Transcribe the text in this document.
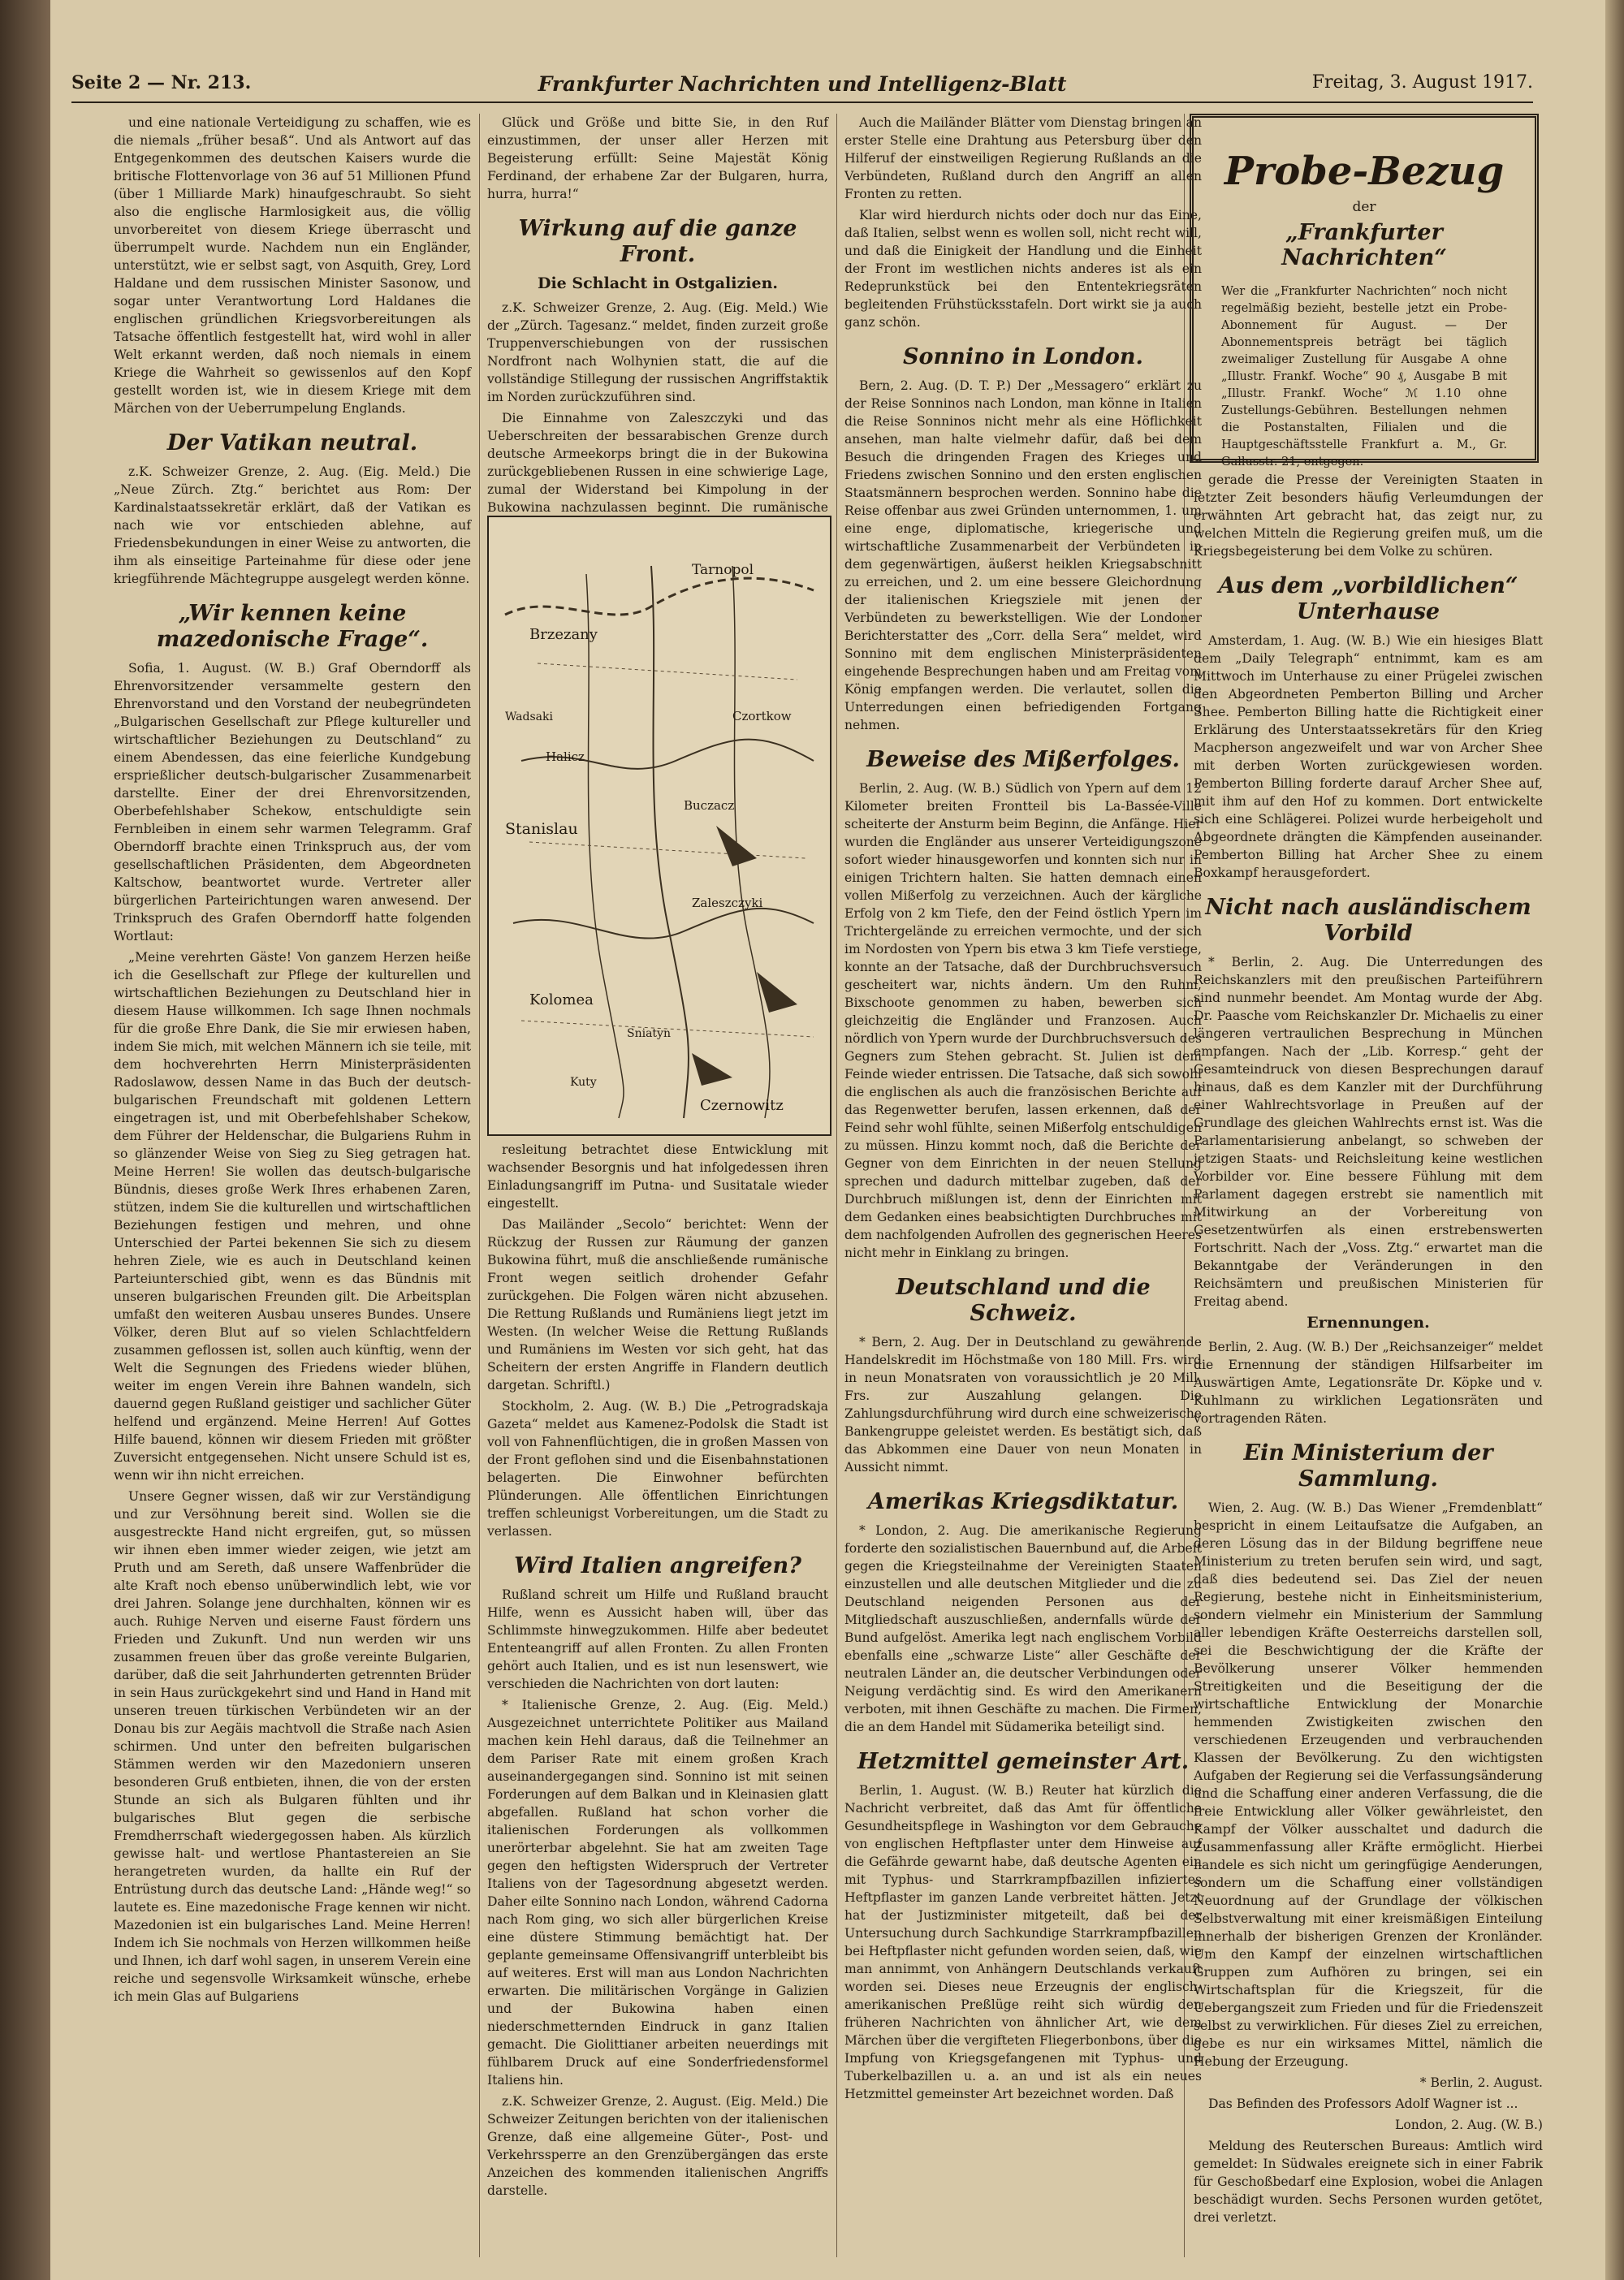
Seite 2 — Nr. 213.	Frankfurter Nachrichten und Intelligenz-Blatt	Freitag, 3. August 1917.

und eine nationale Verteidigung zu schaffen, wie es die niemals „früher besaß“. Und als Antwort auf das Entgegenkommen des deutschen Kaisers wurde die britische Flottenvorlage von 36 auf 51 Millionen Pfund (über 1 Milliarde Mark) hinaufgeschraubt. So sieht also die englische Harmlosigkeit aus, die völlig unvorbereitet von diesem Kriege überrascht und überrumpelt wurde. Nachdem nun ein Engländer, unterstützt, wie er selbst sagt, von Asquith, Grey, Lord Haldane und dem russischen Minister Sasonow, und sogar unter Verantwortung Lord Haldanes die englischen gründlichen Kriegsvorbereitungen als Tatsache öffentlich festgestellt hat, wird wohl in aller Welt erkannt werden, daß noch niemals in einem Kriege die Wahrheit so gewissenlos auf den Kopf gestellt worden ist, wie in diesem Kriege mit dem Märchen von der Ueberrumpelung Englands.

Der Vatikan neutral.

z.K. Schweizer Grenze, 2. Aug. (Eig. Meld.) Die „Neue Zürch. Ztg.“ berichtet aus Rom: Der Kardinalstaatssekretär erklärt, daß der Vatikan es nach wie vor entschieden ablehne, auf Friedensbekundungen in einer Weise zu antworten, die ihm als einseitige Parteinahme für diese oder jene kriegführende Mächtegruppe ausgelegt werden könne.

„Wir kennen keine mazedonische Frage“.

Sofia, 1. August. (W. B.) Graf Oberndorff als Ehrenvorsitzender versammelte gestern den Ehrenvorstand und den Vorstand der neubegründeten „Bulgarischen Gesellschaft zur Pflege kultureller und wirtschaftlicher Beziehungen zu Deutschland“ zu einem Abendessen, das eine feierliche Kundgebung ersprießlicher deutsch-bulgarischer Zusammenarbeit darstellte. Einer der drei Ehrenvorsitzenden, Oberbefehlshaber Schekow, entschuldigte sein Fernbleiben in einem sehr warmen Telegramm. Graf Oberndorff brachte einen Trinkspruch aus, der vom gesellschaftlichen Präsidenten, dem Abgeordneten Kaltschow, beantwortet wurde. Vertreter aller bürgerlichen Parteirichtungen waren anwesend. Der Trinkspruch des Grafen Oberndorff hatte folgenden Wortlaut:

„Meine verehrten Gäste! Von ganzem Herzen heiße ich die Gesellschaft zur Pflege der kulturellen und wirtschaftlichen Beziehungen zu Deutschland hier in diesem Hause willkommen. Ich sage Ihnen nochmals für die große Ehre Dank, die Sie mir erwiesen haben, indem Sie mich, mit welchen Männern ich sie teile, mit dem hochverehrten Herrn Ministerpräsidenten Radoslawow, dessen Name in das Buch der deutsch-bulgarischen Freundschaft mit goldenen Lettern eingetragen ist, und mit Oberbefehlshaber Schekow, dem Führer der Heldenschar, die Bulgariens Ruhm in so glänzender Weise von Sieg zu Sieg getragen hat. Meine Herren! Sie wollen das deutsch-bulgarische Bündnis, dieses große Werk Ihres erhabenen Zaren, stützen, indem Sie die kulturellen und wirtschaftlichen Beziehungen festigen und mehren, und ohne Unterschied der Partei bekennen Sie sich zu diesem hehren Ziele, wie es auch in Deutschland keinen Parteiunterschied gibt, wenn es das Bündnis mit unseren bulgarischen Freunden gilt. Die Arbeitsplan umfaßt den weiteren Ausbau unseres Bundes. Unsere Völker, deren Blut auf so vielen Schlachtfeldern zusammen geflossen ist, sollen auch künftig, wenn der Welt die Segnungen des Friedens wieder blühen, weiter im engen Verein ihre Bahnen wandeln, sich dauernd gegen Rußland geistiger und sachlicher Güter helfend und ergänzend. Meine Herren! Auf Gottes Hilfe bauend, können wir diesem Frieden mit größter Zuversicht entgegensehen. Nicht unsere Schuld ist es, wenn wir ihn nicht erreichen.

Unsere Gegner wissen, daß wir zur Verständigung und zur Versöhnung bereit sind. Wollen sie die ausgestreckte Hand nicht ergreifen, gut, so müssen wir ihnen eben immer wieder zeigen, wie jetzt am Pruth und am Sereth, daß unsere Waffenbrüder die alte Kraft noch ebenso unüberwindlich lebt, wie vor drei Jahren. Solange jene durchhalten, können wir es auch. Ruhige Nerven und eiserne Faust fördern uns Frieden und Zukunft. Und nun werden wir uns zusammen freuen über das große vereinte Bulgarien, darüber, daß die seit Jahrhunderten getrennten Brüder in sein Haus zurückgekehrt sind und Hand in Hand mit unseren treuen türkischen Verbündeten wir an der Donau bis zur Aegäis machtvoll die Straße nach Asien schirmen. Und unter den befreiten bulgarischen Stämmen werden wir den Mazedoniern unseren besonderen Gruß entbieten, ihnen, die von der ersten Stunde an sich als Bulgaren fühlten und ihr bulgarisches Blut gegen die serbische Fremdherrschaft wiedergegossen haben. Als kürzlich gewisse halt- und wertlose Phantastereien an Sie herangetreten wurden, da hallte ein Ruf der Entrüstung durch das deutsche Land: „Hände weg!“ so lautete es. Eine mazedonische Frage kennen wir nicht. Mazedonien ist ein bulgarisches Land. Meine Herren! Indem ich Sie nochmals von Herzen willkommen heiße und Ihnen, ich darf wohl sagen, in unserem Verein eine reiche und segensvolle Wirksamkeit wünsche, erhebe ich mein Glas auf Bulgariens

Glück und Größe und bitte Sie, in den Ruf einzustimmen, der unser aller Herzen mit Begeisterung erfüllt: Seine Majestät König Ferdinand, der erhabene Zar der Bulgaren, hurra, hurra, hurra!“

Wirkung auf die ganze Front.
Die Schlacht in Ostgalizien.

z.K. Schweizer Grenze, 2. Aug. (Eig. Meld.) Wie der „Zürch. Tagesanz.“ meldet, finden zurzeit große Truppenverschiebungen von der russischen Nordfront nach Wolhynien statt, die auf die vollständige Stillegung der russischen Angriffstaktik im Norden zurückzuführen sind.

Die Einnahme von Zaleszczyki und das Ueberschreiten der bessarabischen Grenze durch deutsche Armeekorps bringt die in der Bukowina zurückgebliebenen Russen in eine schwierige Lage, zumal der Widerstand bei Kimpolung in der Bukowina nachzulassen beginnt. Die rumänische

Tarnopol
Brzezany
Halicz
Stanislau
Kolomea
Czortkow
Buczacz
Zaleszczyki
Sniatyn
Czernowitz
Kuty
Wadsaki

resleitung betrachtet diese Entwicklung mit wachsender Besorgnis und hat infolgedessen ihren Einladungsangriff im Putna- und Susitatale wieder eingestellt.

Das Mailänder „Secolo“ berichtet: Wenn der Rückzug der Russen zur Räumung der ganzen Bukowina führt, muß die anschließende rumänische Front wegen seitlich drohender Gefahr zurückgehen. Die Folgen wären nicht abzusehen. Die Rettung Rußlands und Rumäniens liegt jetzt im Westen. (In welcher Weise die Rettung Rußlands und Rumäniens im Westen vor sich geht, hat das Scheitern der ersten Angriffe in Flandern deutlich dargetan. Schriftl.)

Stockholm, 2. Aug. (W. B.) Die „Petrogradskaja Gazeta“ meldet aus Kamenez-Podolsk die Stadt ist voll von Fahnenflüchtigen, die in großen Massen von der Front geflohen sind und die Eisenbahnstationen belagerten. Die Einwohner befürchten Plünderungen. Alle öffentlichen Einrichtungen treffen schleunigst Vorbereitungen, um die Stadt zu verlassen.

Wird Italien angreifen?

Rußland schreit um Hilfe und Rußland braucht Hilfe, wenn es Aussicht haben will, über das Schlimmste hinwegzukommen. Hilfe aber bedeutet Ententeangriff auf allen Fronten. Zu allen Fronten gehört auch Italien, und es ist nun lesenswert, wie verschieden die Nachrichten von dort lauten:

* Italienische Grenze, 2. Aug. (Eig. Meld.) Ausgezeichnet unterrichtete Politiker aus Mailand machen kein Hehl daraus, daß die Teilnehmer an dem Pariser Rate mit einem großen Krach auseinandergegangen sind. Sonnino ist mit seinen Forderungen auf dem Balkan und in Kleinasien glatt abgefallen. Rußland hat schon vorher die italienischen Forderungen als vollkommen unerörterbar abgelehnt. Sie hat am zweiten Tage gegen den heftigsten Widerspruch der Vertreter Italiens von der Tagesordnung abgesetzt werden. Daher eilte Sonnino nach London, während Cadorna nach Rom ging, wo sich aller bürgerlichen Kreise eine düstere Stimmung bemächtigt hat. Der geplante gemeinsame Offensivangriff unterbleibt bis auf weiteres. Erst will man aus London Nachrichten erwarten. Die militärischen Vorgänge in Galizien und der Bukowina haben einen niederschmetternden Eindruck in ganz Italien gemacht. Die Giolittianer arbeiten neuerdings mit fühlbarem Druck auf eine Sonderfriedensformel Italiens hin.

z.K. Schweizer Grenze, 2. August. (Eig. Meld.) Die Schweizer Zeitungen berichten von der italienischen Grenze, daß eine allgemeine Güter-, Post- und Verkehrssperre an den Grenzübergängen das erste Anzeichen des kommenden italienischen Angriffs darstelle.

Auch die Mailänder Blätter vom Dienstag bringen an erster Stelle eine Drahtung aus Petersburg über den Hilferuf der einstweiligen Regierung Rußlands an die Verbündeten, Rußland durch den Angriff an allen Fronten zu retten.

Klar wird hierdurch nichts oder doch nur das Eine, daß Italien, selbst wenn es wollen soll, nicht recht will, und daß die Einigkeit der Handlung und die Einheit der Front im westlichen nichts anderes ist als ein Redeprunkstück bei den Ententekriegsräten begleitenden Frühstücksstafeln. Dort wirkt sie ja auch ganz schön.

Sonnino in London.

Bern, 2. Aug. (D. T. P.) Der „Messagero“ erklärt zu der Reise Sonninos nach London, man könne in Italien die Reise Sonninos nicht mehr als eine Höflichkeit ansehen, man halte vielmehr dafür, daß bei dem Besuch die dringenden Fragen des Krieges und Friedens zwischen Sonnino und den ersten englischen Staatsmännern besprochen werden. Sonnino habe die Reise offenbar aus zwei Gründen unternommen, 1. um eine enge, diplomatische, kriegerische und wirtschaftliche Zusammenarbeit der Verbündeten in dem gegenwärtigen, äußerst heiklen Kriegsabschnitt zu erreichen, und 2. um eine bessere Gleichordnung der italienischen Kriegsziele mit jenen der Verbündeten zu bewerkstelligen. Wie der Londoner Berichterstatter des „Corr. della Sera“ meldet, wird Sonnino mit dem englischen Ministerpräsidenten eingehende Besprechungen haben und am Freitag vom König empfangen werden. Die verlautet, sollen die Unterredungen einen befriedigenden Fortgang nehmen.

Beweise des Mißerfolges.

Berlin, 2. Aug. (W. B.) Südlich von Ypern auf dem 12 Kilometer breiten Frontteil bis La-Bassée-Ville scheiterte der Ansturm beim Beginn, die Anfänge. Hier wurden die Engländer aus unserer Verteidigungszone sofort wieder hinausgeworfen und konnten sich nur in einigen Trichtern halten. Sie hatten demnach einen vollen Mißerfolg zu verzeichnen. Auch der kärgliche Erfolg von 2 km Tiefe, den der Feind östlich Ypern im Trichtergelände zu erreichen vermochte, und der sich im Nordosten von Ypern bis etwa 3 km Tiefe verstiege, konnte an der Tatsache, daß der Durchbruchsversuch gescheitert war, nichts ändern. Um den Ruhm, Bixschoote genommen zu haben, bewerben sich gleichzeitig die Engländer und Franzosen. Auch nördlich von Ypern wurde der Durchbruchsversuch des Gegners zum Stehen gebracht. St. Julien ist dem Feinde wieder entrissen. Die Tatsache, daß sich sowohl die englischen als auch die französischen Berichte auf das Regenwetter berufen, lassen erkennen, daß der Feind sehr wohl fühlte, seinen Mißerfolg entschuldigen zu müssen. Hinzu kommt noch, daß die Berichte der Gegner von dem Einrichten in der neuen Stellung sprechen und dadurch mittelbar zugeben, daß der Durchbruch mißlungen ist, denn der Einrichten mit dem Gedanken eines beabsichtigten Durchbruches mit dem nachfolgenden Aufrollen des gegnerischen Heeres nicht mehr in Einklang zu bringen.

Deutschland und die Schweiz.

* Bern, 2. Aug. Der in Deutschland zu gewährende Handelskredit im Höchstmaße von 180 Mill. Frs. wird in neun Monatsraten von voraussichtlich je 20 Mill. Frs. zur Auszahlung gelangen. Die Zahlungsdurchführung wird durch eine schweizerische Bankengruppe geleistet werden. Es bestätigt sich, daß das Abkommen eine Dauer von neun Monaten in Aussicht nimmt.

Amerikas Kriegsdiktatur.

* London, 2. Aug. Die amerikanische Regierung forderte den sozialistischen Bauernbund auf, die Arbeit gegen die Kriegsteilnahme der Vereinigten Staaten einzustellen und alle deutschen Mitglieder und die zu Deutschland neigenden Personen aus der Mitgliedschaft auszuschließen, andernfalls würde der Bund aufgelöst. Amerika legt nach englischem Vorbild ebenfalls eine „schwarze Liste“ aller Geschäfte der neutralen Länder an, die deutscher Verbindungen oder Neigung verdächtig sind. Es wird den Amerikanern verboten, mit ihnen Geschäfte zu machen. Die Firmen, die an dem Handel mit Südamerika beteiligt sind.

Hetzmittel gemeinster Art.

Berlin, 1. August. (W. B.) Reuter hat kürzlich die Nachricht verbreitet, daß das Amt für öffentliche Gesundheitspflege in Washington vor dem Gebrauche von englischen Heftpflaster unter dem Hinweise auf die Gefährde gewarnt habe, daß deutsche Agenten ein mit Typhus- und Starrkrampfbazillen infiziertes Heftpflaster im ganzen Lande verbreitet hätten. Jetzt hat der Justizminister mitgeteilt, daß bei der Untersuchung durch Sachkundige Starrkrampfbazillen bei Heftpflaster nicht gefunden worden seien, daß, wie man annimmt, von Anhängern Deutschlands verkauft worden sei. Dieses neue Erzeugnis der englisch-amerikanischen Preßlüge reiht sich würdig den früheren Nachrichten von ähnlicher Art, wie dem Märchen über die vergifteten Fliegerbonbons, über die Impfung von Kriegsgefangenen mit Typhus- und Tuberkelbazillen u. a. an und ist als ein neues Hetzmittel gemeinster Art bezeichnet worden. Daß

Probe-Bezug
der
„Frankfurter Nachrichten“
Wer die „Frankfurter Nachrichten“ noch nicht regelmäßig bezieht, bestelle jetzt ein Probe-Abonnement für August. — Der Abonnementspreis beträgt bei täglich zweimaliger Zustellung für Ausgabe A ohne „Illustr. Frankf. Woche“ 90 ₰, Ausgabe B mit „Illustr. Frankf. Woche“ ℳ 1.10 ohne Zustellungs-Gebühren. Bestellungen nehmen die Postanstalten, Filialen und die Hauptgeschäftsstelle Frankfurt a. M., Gr. Gallusstr. 21, entgegen.

gerade die Presse der Vereinigten Staaten in letzter Zeit besonders häufig Verleumdungen der erwähnten Art gebracht hat, das zeigt nur, zu welchen Mitteln die Regierung greifen muß, um die Kriegsbegeisterung bei dem Volke zu schüren.

Aus dem „vorbildlichen“ Unterhause

Amsterdam, 1. Aug. (W. B.) Wie ein hiesiges Blatt dem „Daily Telegraph“ entnimmt, kam es am Mittwoch im Unterhause zu einer Prügelei zwischen den Abgeordneten Pemberton Billing und Archer Shee. Pemberton Billing hatte die Richtigkeit einer Erklärung des Unterstaatssekretärs für den Krieg Macpherson angezweifelt und war von Archer Shee mit derben Worten zurückgewiesen worden. Pemberton Billing forderte darauf Archer Shee auf, mit ihm auf den Hof zu kommen. Dort entwickelte sich eine Schlägerei. Polizei wurde herbeigeholt und Abgeordnete drängten die Kämpfenden auseinander. Pemberton Billing hat Archer Shee zu einem Boxkampf herausgefordert.

Nicht nach ausländischem Vorbild

* Berlin, 2. Aug. Die Unterredungen des Reichskanzlers mit den preußischen Parteiführern sind nunmehr beendet. Am Montag wurde der Abg. Dr. Paasche vom Reichskanzler Dr. Michaelis zu einer längeren vertraulichen Besprechung in München empfangen. Nach der „Lib. Korresp.“ geht der Gesamteindruck von diesen Besprechungen darauf hinaus, daß es dem Kanzler mit der Durchführung einer Wahlrechtsvorlage in Preußen auf der Grundlage des gleichen Wahlrechts ernst ist. Was die Parlamentarisierung anbelangt, so schweben der jetzigen Staats- und Reichsleitung keine westlichen Vorbilder vor. Eine bessere Fühlung mit dem Parlament dagegen erstrebt sie namentlich mit Mitwirkung an der Vorbereitung von Gesetzentwürfen als einen erstrebenswerten Fortschritt. Nach der „Voss. Ztg.“ erwartet man die Bekanntgabe der Veränderungen in den Reichsämtern und preußischen Ministerien für Freitag abend.

Ernennungen.

Berlin, 2. Aug. (W. B.) Der „Reichsanzeiger“ meldet die Ernennung der ständigen Hilfsarbeiter im Auswärtigen Amte, Legationsräte Dr. Köpke und v. Kuhlmann zu wirklichen Legationsräten und vortragenden Räten.

Ein Ministerium der Sammlung.

Wien, 2. Aug. (W. B.) Das Wiener „Fremdenblatt“ bespricht in einem Leitaufsatze die Aufgaben, an deren Lösung das in der Bildung begriffene neue Ministerium zu treten berufen sein wird, und sagt, daß dies bedeutend sei. Das Ziel der neuen Regierung, bestehe nicht in Einheitsministerium, sondern vielmehr ein Ministerium der Sammlung aller lebendigen Kräfte Oesterreichs darstellen soll, sei die Beschwichtigung der die Kräfte der Bevölkerung unserer Völker hemmenden Streitigkeiten und die Beseitigung der die wirtschaftliche Entwicklung der Monarchie hemmenden Zwistigkeiten zwischen den verschiedenen Erzeugenden und verbrauchenden Klassen der Bevölkerung. Zu den wichtigsten Aufgaben der Regierung sei die Verfassungsänderung und die Schaffung einer anderen Verfassung, die die freie Entwicklung aller Völker gewährleistet, den Kampf der Völker ausschaltet und dadurch die Zusammenfassung aller Kräfte ermöglicht. Hierbei handele es sich nicht um geringfügige Aenderungen, sondern um die Schaffung einer vollständigen Neuordnung auf der Grundlage der völkischen Selbstverwaltung mit einer kreismäßigen Einteilung innerhalb der bisherigen Grenzen der Kronländer. Um den Kampf der einzelnen wirtschaftlichen Gruppen zum Aufhören zu bringen, sei ein Wirtschaftsplan für die Kriegszeit, für die Uebergangszeit zum Frieden und für die Friedenszeit selbst zu verwirklichen. Für dieses Ziel zu erreichen, gebe es nur ein wirksames Mittel, nämlich die Hebung der Erzeugung.

* Berlin, 2. August.

Das Befinden des Professors Adolf Wagner ist ...

London, 2. Aug. (W. B.)

Meldung des Reuterschen Bureaus: Amtlich wird gemeldet: In Südwales ereignete sich in einer Fabrik für Geschoßbedarf eine Explosion, wobei die Anlagen beschädigt wurden. Sechs Personen wurden getötet, drei verletzt.
